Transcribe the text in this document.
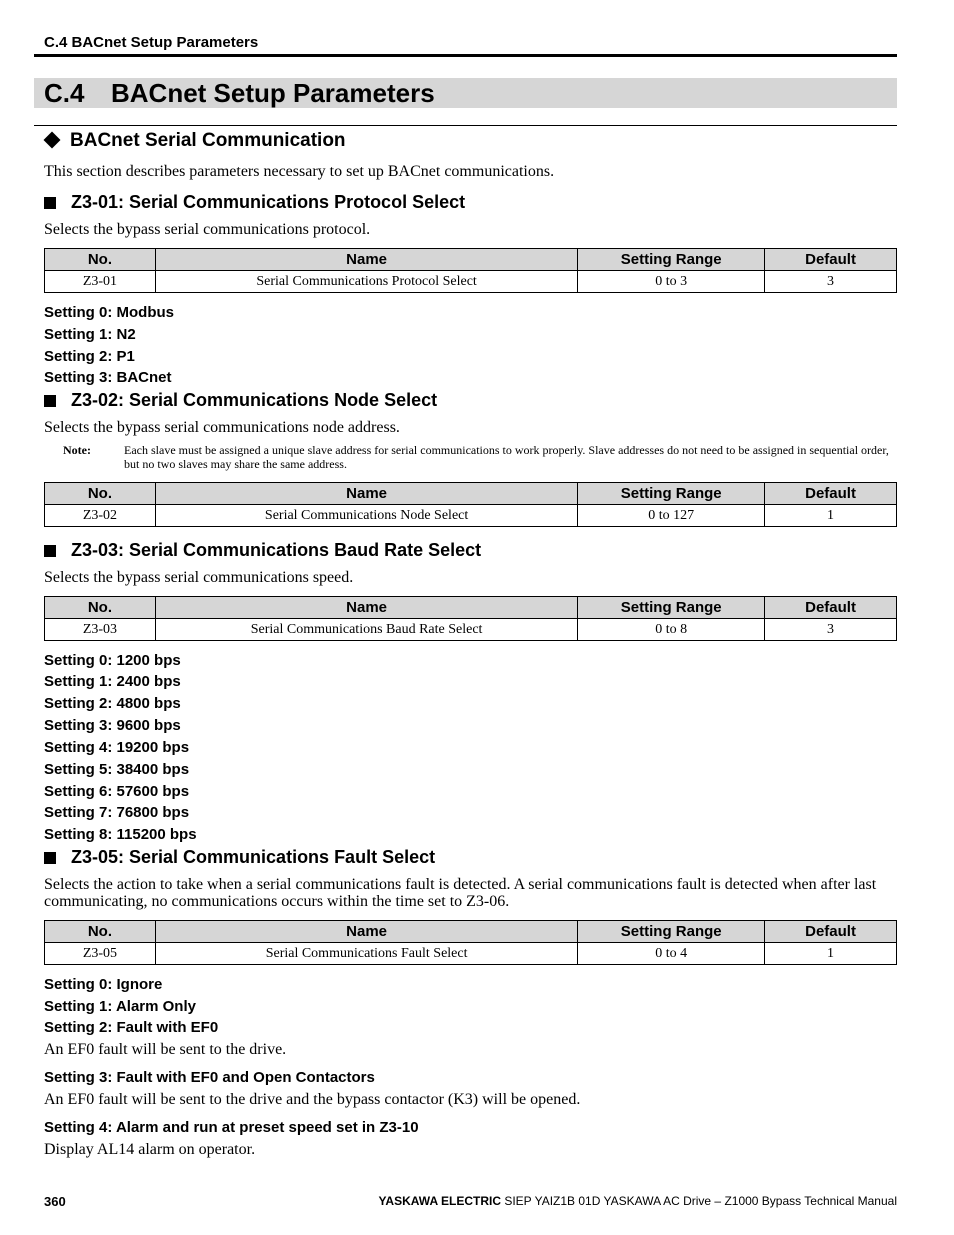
C.4 BACnet Setup Parameters
C.4 BACnet Setup Parameters
BACnet Serial Communication
This section describes parameters necessary to set up BACnet communications.
Z3-01: Serial Communications Protocol Select
Selects the bypass serial communications protocol.
No.	Name	Setting Range	Default
Z3-01	Serial Communications Protocol Select	0 to 3	3
Setting 0: Modbus
Setting 1: N2
Setting 2: P1
Setting 3: BACnet
Z3-02: Serial Communications Node Select
Selects the bypass serial communications node address.
Note:	Each slave must be assigned a unique slave address for serial communications to work properly. Slave addresses do not need to be assigned in sequential order, but no two slaves may share the same address.
No.	Name	Setting Range	Default
Z3-02	Serial Communications Node Select	0 to 127	1
Z3-03: Serial Communications Baud Rate Select
Selects the bypass serial communications speed.
No.	Name	Setting Range	Default
Z3-03	Serial Communications Baud Rate Select	0 to 8	3
Setting 0: 1200 bps
Setting 1: 2400 bps
Setting 2: 4800 bps
Setting 3: 9600 bps
Setting 4: 19200 bps
Setting 5: 38400 bps
Setting 6: 57600 bps
Setting 7: 76800 bps
Setting 8: 115200 bps
Z3-05: Serial Communications Fault Select
Selects the action to take when a serial communications fault is detected. A serial communications fault is detected when after last communicating, no communications occurs within the time set to Z3-06.
No.	Name	Setting Range	Default
Z3-05	Serial Communications Fault Select	0 to 4	1
Setting 0: Ignore
Setting 1: Alarm Only
Setting 2: Fault with EF0
An EF0 fault will be sent to the drive.
Setting 3: Fault with EF0 and Open Contactors
An EF0 fault will be sent to the drive and the bypass contactor (K3) will be opened.
Setting 4: Alarm and run at preset speed set in Z3-10
Display AL14 alarm on operator.
360	YASKAWA ELECTRIC SIEP YAIZ1B 01D YASKAWA AC Drive – Z1000 Bypass Technical Manual
